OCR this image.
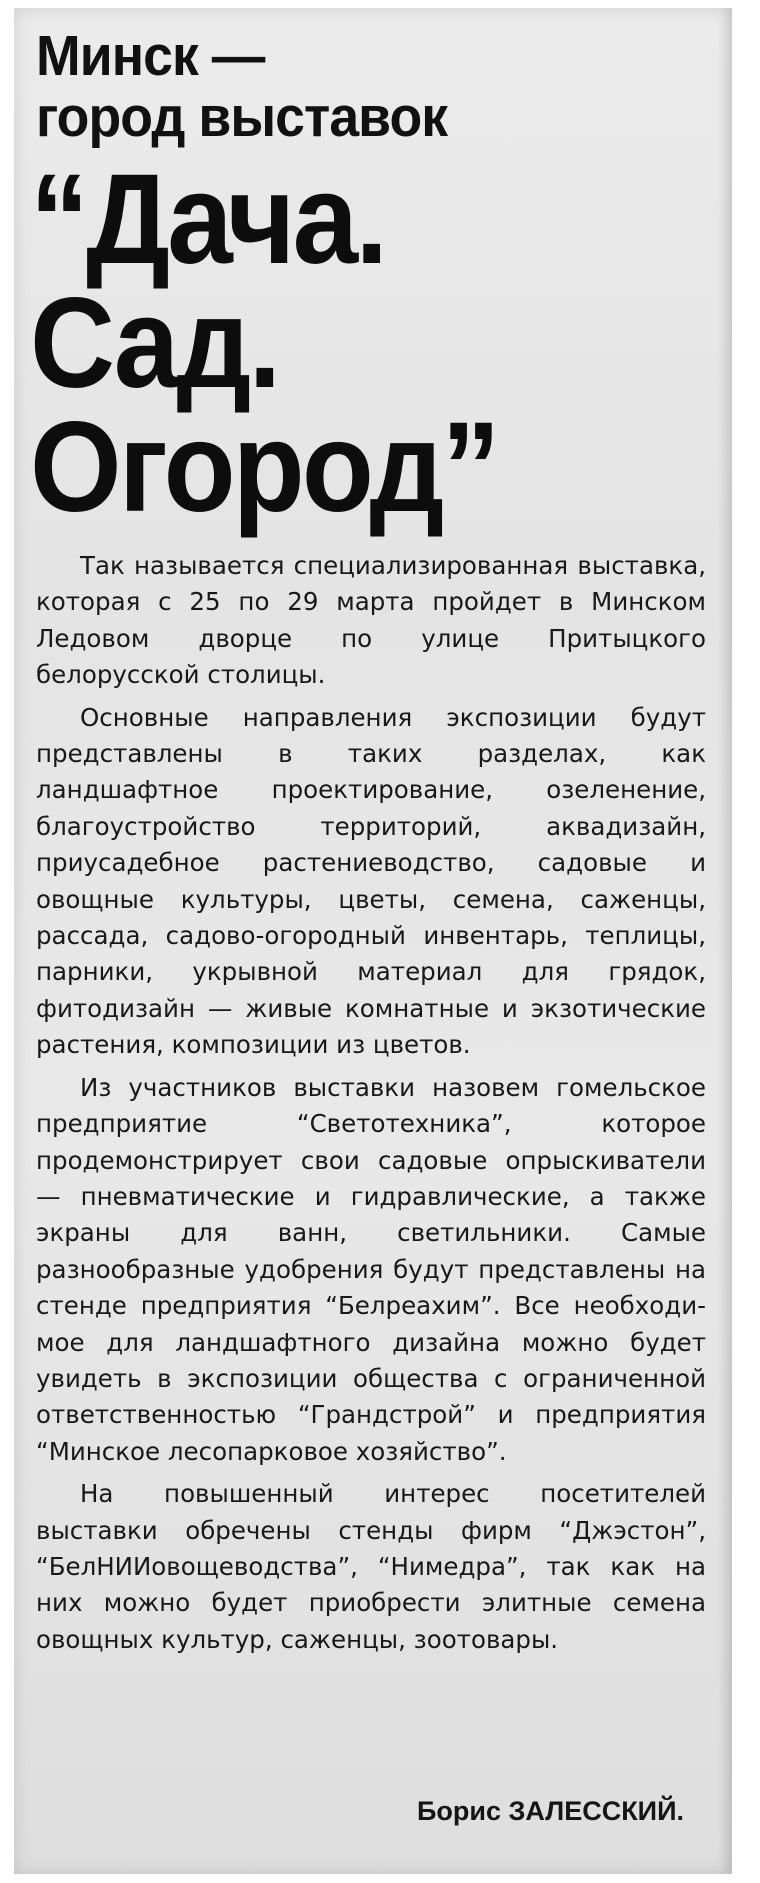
Минск —
город выставок
“Дача.
Сад.
Огород”

Так называется специализированная выставка, которая с 25 по 29 марта пройдет в Минском Ледовом дворце по улице Притыцкого белорусской столицы.

Основные направления экспозиции будут представлены в таких разделах, как ландшафтное проектирование, озеленение, благоустройство территорий, аквадизайн, приусадебное растениеводство, садовые и овощные культуры, цветы, семена, саженцы, рассада, садово-огородный инвентарь, теплицы, парники, укрывной материал для грядок, фитодизайн — живые комнатные и экзотические растения, композиции из цветов.

Из участников выставки назовем гомельское предприятие “Светотехника”, которое продемонстрирует свои садовые опрыскиватели — пневматические и гидравлические, а также экраны для ванн, светильники. Самые разнообразные удобрения будут представлены на стенде предприятия “Белреахим”. Все необходимое для ландшафтного дизайна можно будет увидеть в экспозиции общества с ограниченной ответственностью “Грандстрой” и предприятия “Минское лесопарковое хозяйство”.

На повышенный интерес посетителей выставки обречены стенды фирм “Джэстон”, “БелНИИовощеводства”, “Нимедра”, так как на них можно будет приобрести элитные семена овощных культур, саженцы, зоотовары.

Борис ЗАЛЕССКИЙ.
